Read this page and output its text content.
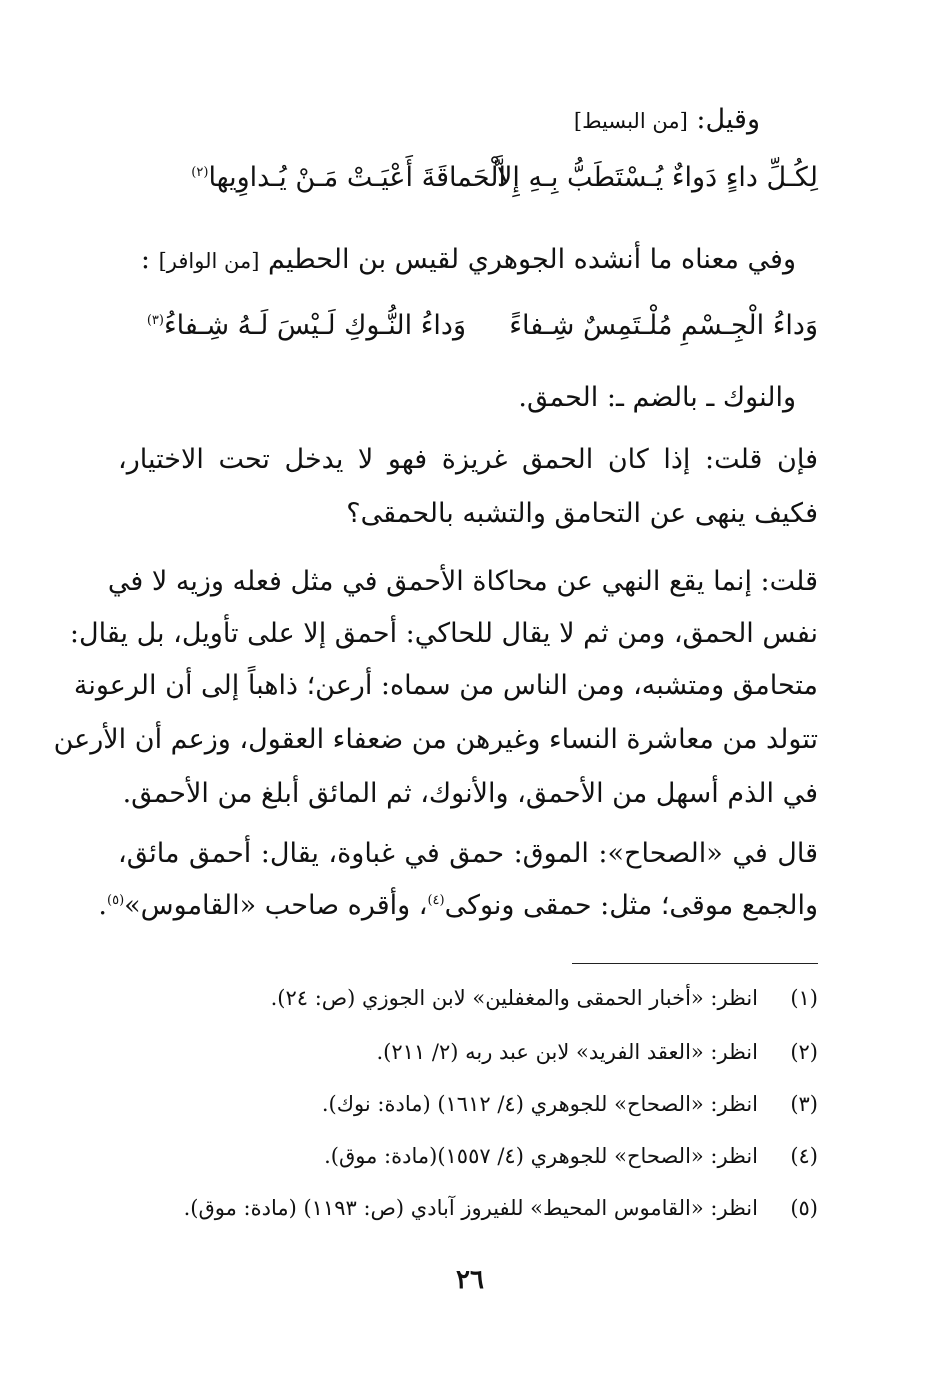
وقيل: [من البسيط]
لِكُـلِّ داءٍ دَواءٌ يُـسْتَطَبُّ بِـهِ إِلاَّ
الْحَماقَةَ أَعْيَـتْ مَـنْ يُـداوِيها$^{(٢)}$
وفي معناه ما أنشده الجوهري لقيس بن الحطيم [من الوافر] :
وَداءُ الْجِـسْمِ مُلْـتَمِسٌ شِـفاءً
وَداءُ النُّـوكِ لَـيْسَ لَـهُ شِـفاءُ$^{(٣)}$
والنوك ـ بالضم ـ: الحمق.
فإن قلت: إذا كان الحمق غريزة فهو لا يدخل تحت الاختيار،
فكيف ينهى عن التحامق والتشبه بالحمقى؟
قلت: إنما يقع النهي عن محاكاة الأحمق في مثل فعله وزيه لا في
نفس الحمق، ومن ثم لا يقال للحاكي: أحمق إلا على تأويل، بل يقال:
متحامق ومتشبه، ومن الناس من سماه: أرعن؛ ذاهباً إلى أن الرعونة
تتولد من معاشرة النساء وغيرهن من ضعفاء العقول، وزعم أن الأرعن
في الذم أسهل من الأحمق، والأنوك، ثم المائق أبلغ من الأحمق.
قال في «الصحاح»: الموق: حمق في غباوة، يقال: أحمق مائق،
والجمع موقى؛ مثل: حمقى ونوكى$^{(٤)}$، وأقره صاحب «القاموس»$^{(٥)}$.
(١)
انظر: «أخبار الحمقى والمغفلين» لابن الجوزي (ص: ٢٤).
(٢)
انظر: «العقد الفريد» لابن عبد ربه (٢/ ٢١١).
(٣)
انظر: «الصحاح» للجوهري (٤/ ١٦١٢) (مادة: نوك).
(٤)
انظر: «الصحاح» للجوهري (٤/ ١٥٥٧)(مادة: موق).
(٥)
انظر: «القاموس المحيط» للفيروز آبادي (ص: ١١٩٣) (مادة: موق).
٢٦
